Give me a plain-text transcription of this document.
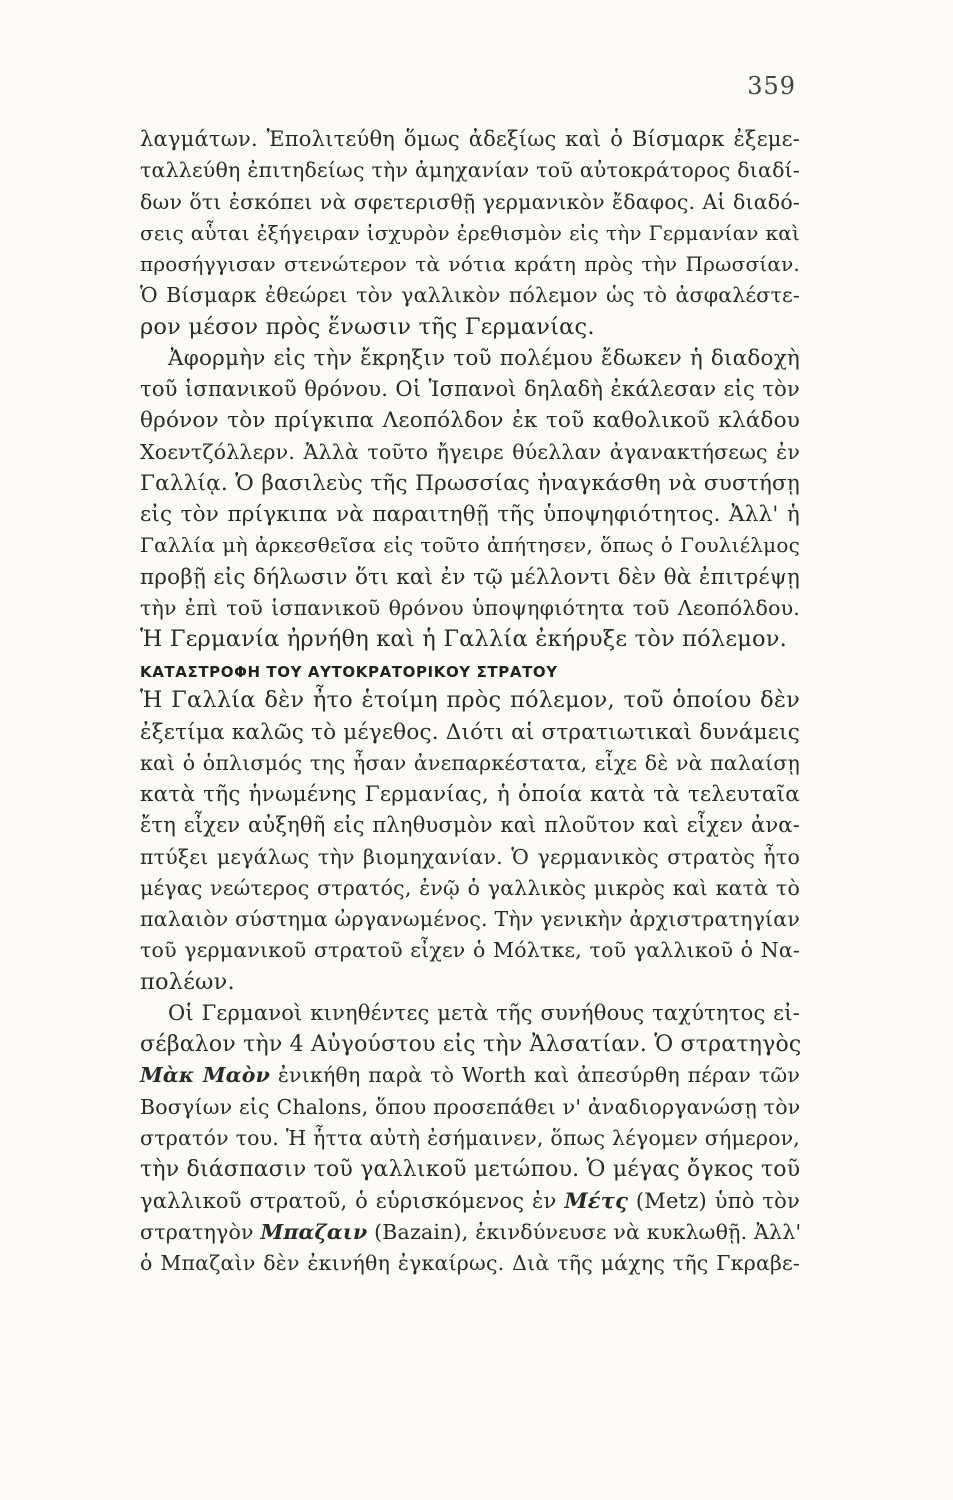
359
λαγμάτων. Ἐπολιτεύθη ὅμως ἀδεξίως καὶ ὁ Βίσμαρκ ἐξεμε-
ταλλεύθη ἐπιτηδείως τὴν ἀμηχανίαν τοῦ αὐτοκράτορος διαδί-
δων ὅτι ἐσκόπει νὰ σφετερισθῇ γερμανικὸν ἔδαφος. Αἱ διαδό-
σεις αὗται ἐξήγειραν ἰσχυρὸν ἐρεθισμὸν εἰς τὴν Γερμανίαν καὶ
προσήγγισαν στενώτερον τὰ νότια κράτη πρὸς τὴν Πρωσσίαν.
Ὁ Βίσμαρκ ἐθεώρει τὸν γαλλικὸν πόλεμον ὡς τὸ ἀσφαλέστε-
ρον μέσον πρὸς ἕνωσιν τῆς Γερμανίας.
Ἀφορμὴν εἰς τὴν ἔκρηξιν τοῦ πολέμου ἔδωκεν ἡ διαδοχὴ
τοῦ ἱσπανικοῦ θρόνου. Οἱ Ἱσπανοὶ δηλαδὴ ἐκάλεσαν εἰς τὸν
θρόνον τὸν πρίγκιπα Λεοπόλδον ἐκ τοῦ καθολικοῦ κλάδου
Χοεντζόλλερν. Ἀλλὰ τοῦτο ἤγειρε θύελλαν ἀγανακτήσεως ἐν
Γαλλίᾳ. Ὁ βασιλεὺς τῆς Πρωσσίας ἠναγκάσθη νὰ συστήσῃ
εἰς τὸν πρίγκιπα νὰ παραιτηθῇ τῆς ὑποψηφιότητος. Ἀλλ' ἡ
Γαλλία μὴ ἀρκεσθεῖσα εἰς τοῦτο ἀπήτησεν, ὅπως ὁ Γουλιέλμος
προβῇ εἰς δήλωσιν ὅτι καὶ ἐν τῷ μέλλοντι δὲν θὰ ἐπιτρέψῃ
τὴν ἐπὶ τοῦ ἱσπανικοῦ θρόνου ὑποψηφιότητα τοῦ Λεοπόλδου.
Ἡ Γερμανία ἠρνήθη καὶ ἡ Γαλλία ἐκήρυξε τὸν πόλεμον.
ΚΑΤΑΣΤΡΟΦΗ ΤΟΥ ΑΥΤΟΚΡΑΤΟΡΙΚΟΥ ΣΤΡΑΤΟΥ
Ἡ Γαλλία δὲν ἦτο ἑτοίμη πρὸς πόλεμον, τοῦ ὁποίου δὲν
ἐξετίμα καλῶς τὸ μέγεθος. Διότι αἱ στρατιωτικαὶ δυνάμεις
καὶ ὁ ὁπλισμός της ἦσαν ἀνεπαρκέστατα, εἶχε δὲ νὰ παλαίσῃ
κατὰ τῆς ἡνωμένης Γερμανίας, ἡ ὁποία κατὰ τὰ τελευταῖα
ἔτη εἶχεν αὐξηθῆ εἰς πληθυσμὸν καὶ πλοῦτον καὶ εἶχεν ἀνα-
πτύξει μεγάλως τὴν βιομηχανίαν. Ὁ γερμανικὸς στρατὸς ἦτο
μέγας νεώτερος στρατός, ἐνῷ ὁ γαλλικὸς μικρὸς καὶ κατὰ τὸ
παλαιὸν σύστημα ὠργανωμένος. Τὴν γενικὴν ἀρχιστρατηγίαν
τοῦ γερμανικοῦ στρατοῦ εἶχεν ὁ Μόλτκε, τοῦ γαλλικοῦ ὁ Να-
πολέων.
Οἱ Γερμανοὶ κινηθέντες μετὰ τῆς συνήθους ταχύτητος εἰ-
σέβαλον τὴν 4 Αὐγούστου εἰς τὴν Ἀλσατίαν. Ὁ στρατηγὸς
Μὰκ Μαὸν ἐνικήθη παρὰ τὸ Worth καὶ ἀπεσύρθη πέραν τῶν
Βοσγίων εἰς Chalons, ὅπου προσεπάθει ν' ἀναδιοργανώσῃ τὸν
στρατόν του. Ἡ ἧττα αὐτὴ ἐσήμαινεν, ὅπως λέγομεν σήμερον,
τὴν διάσπασιν τοῦ γαλλικοῦ μετώπου. Ὁ μέγας ὄγκος τοῦ
γαλλικοῦ στρατοῦ, ὁ εὑρισκόμενος ἐν Μέτς (Metz) ὑπὸ τὸν
στρατηγὸν Μπαζαιν (Bazain), ἐκινδύνευσε νὰ κυκλωθῇ. Ἀλλ'
ὁ Μπαζαὶν δὲν ἐκινήθη ἐγκαίρως. Διὰ τῆς μάχης τῆς Γκραβε-
